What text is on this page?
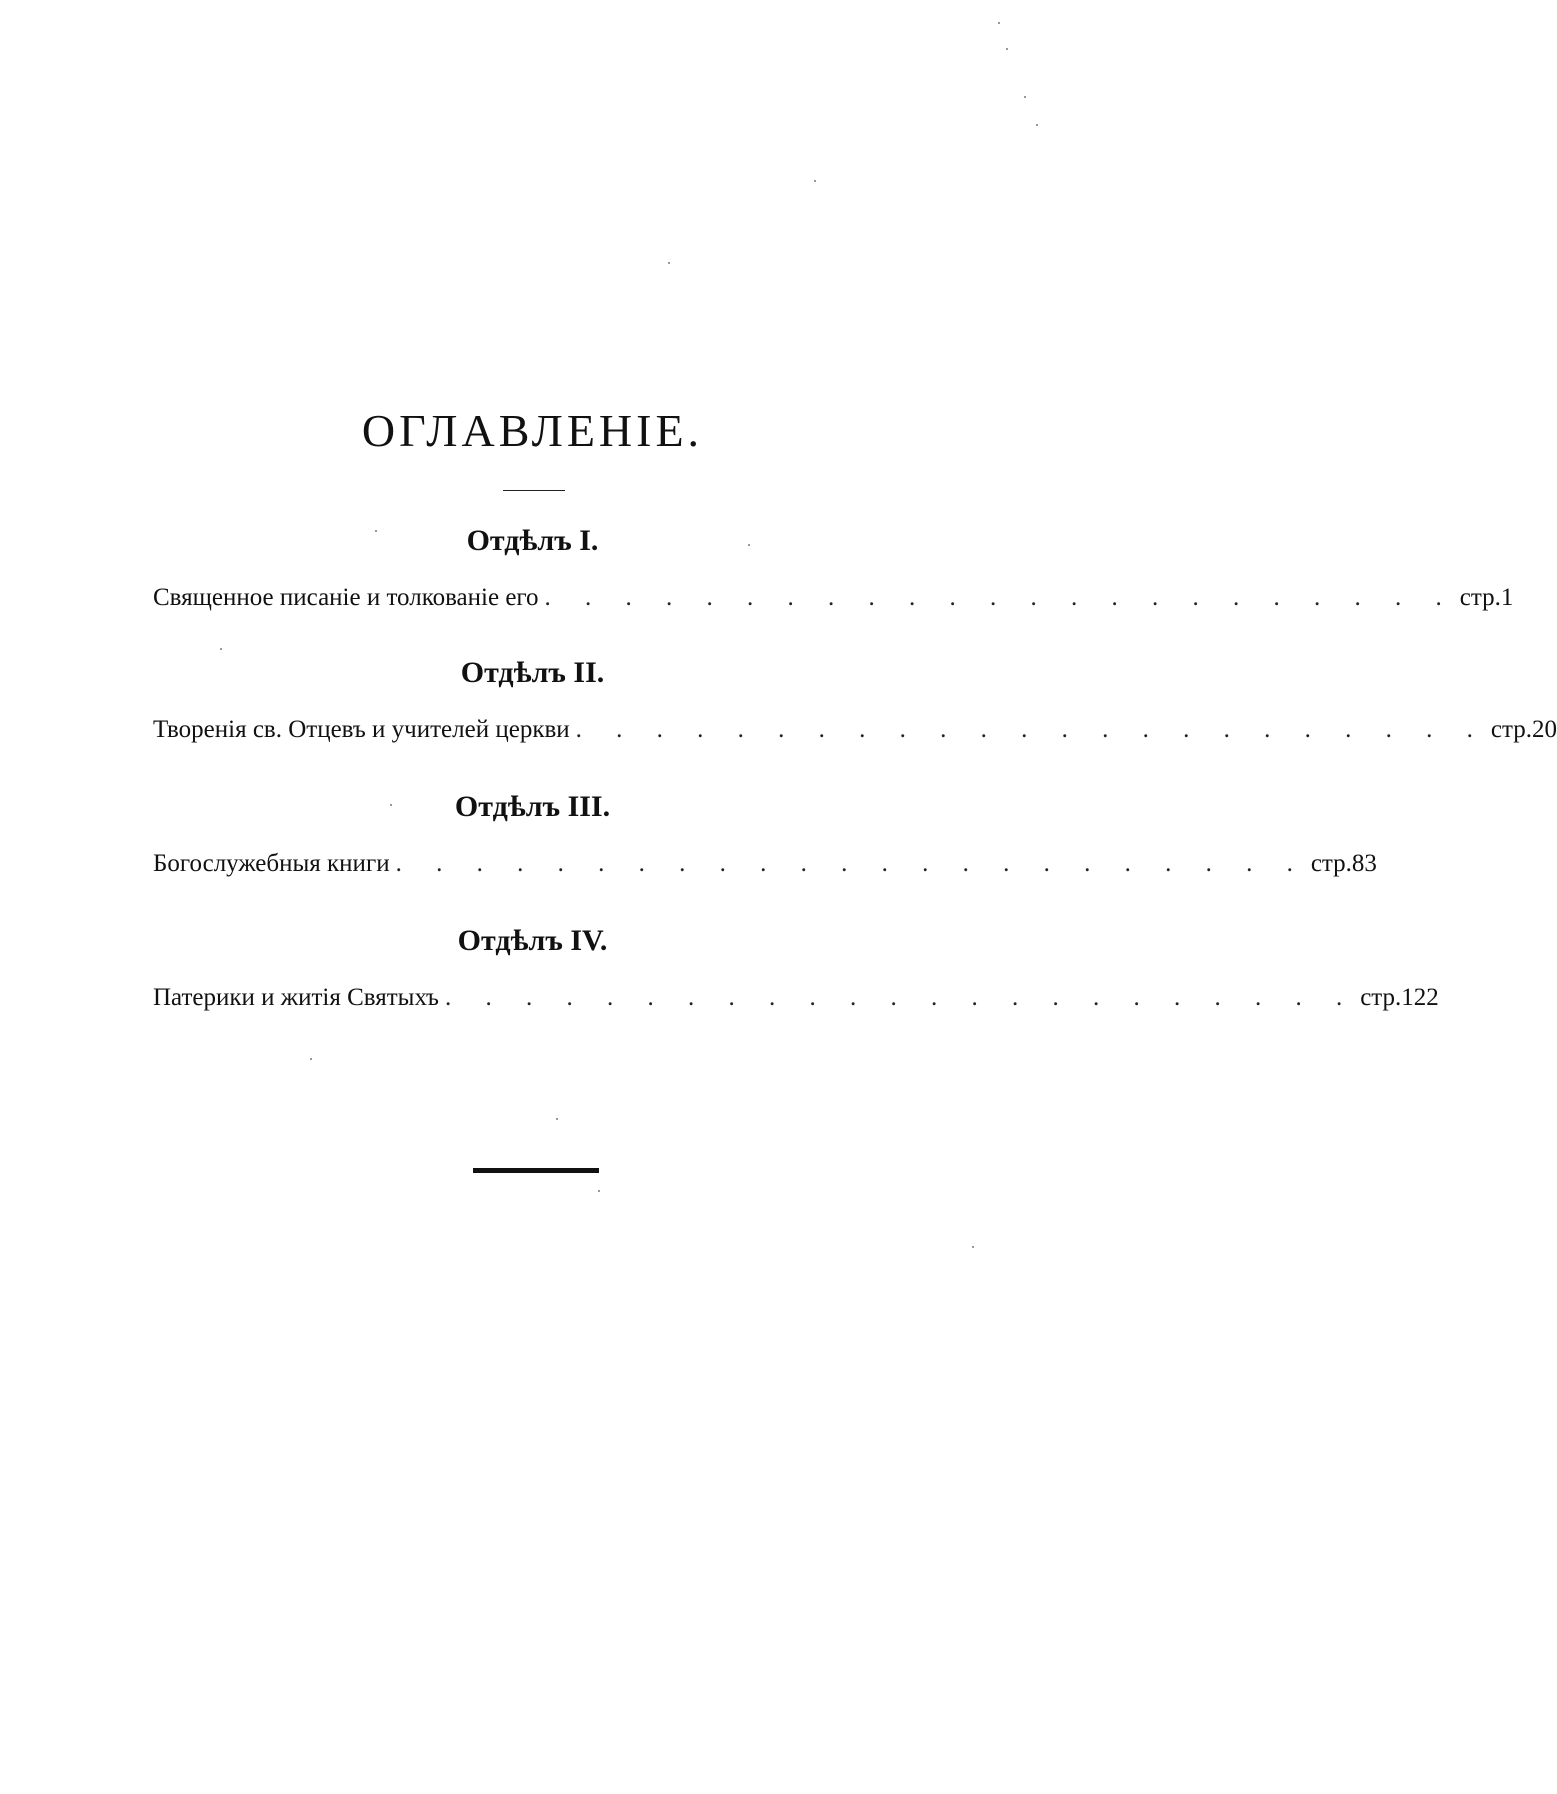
ОГЛАВЛЕНІЕ.
Отдѣлъ I.
Священное писаніе и толкованіе его . . . . . . . . . . . . . . . . . . . . . . . стр. 1
Отдѣлъ II.
Творенія св. Отцевъ и учителей церкви . . . . . . . . . . . . . . . . . . . . . . . стр. 20
Отдѣлъ III.
Богослужебныя книги . . . . . . . . . . . . . . . . . . . . . . . стр. 83
Отдѣлъ IV.
Патерики и житія Святыхъ . . . . . . . . . . . . . . . . . . . . . . . стр. 122
